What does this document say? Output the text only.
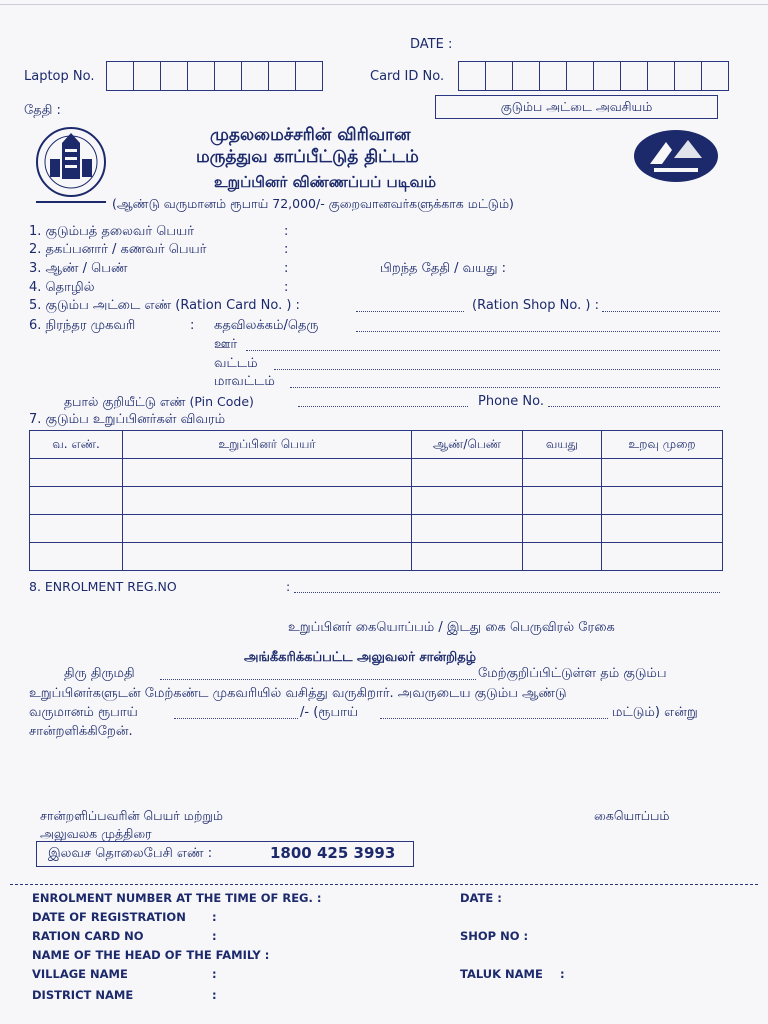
DATE :
Laptop No.	Card ID No.
தேதி :	குடும்ப அட்டை அவசியம்
முதலமைச்சரின் விரிவான
மருத்துவ காப்பீட்டுத் திட்டம்
உறுப்பினர் விண்ணப்பப் படிவம்
(ஆண்டு வருமானம் ரூபாய் 72,000/- குறைவானவர்களுக்காக மட்டும்)
1. குடும்பத் தலைவர் பெயர்	:
2. தகப்பனார் / கணவர் பெயர்	:
3. ஆண் / பெண்	:	பிறந்த தேதி / வயது :
4. தொழில்	:
5. குடும்ப அட்டை எண் (Ration Card No. ) :	(Ration Shop No. ) :
6. நிரந்தர முகவரி	: கதவிலக்கம்/தெரு
ஊர்
வட்டம்
மாவட்டம்
தபால் குறியீட்டு எண் (Pin Code)	Phone No.
7. குடும்ப உறுப்பினர்கள் விவரம்
வ. எண்.	உறுப்பினர் பெயர்	ஆண்/பெண்	வயது	உறவு முறை

8. ENROLMENT REG.NO	:
உறுப்பினர் கையொப்பம் / இடது கை பெருவிரல் ரேகை
அங்கீகரிக்கப்பட்ட அலுவலர் சான்றிதழ்
திரு திருமதி	மேற்குறிப்பிட்டுள்ள தம் குடும்ப
உறுப்பினர்களுடன் மேற்கண்ட முகவரியில் வசித்து வருகிறார். அவருடைய குடும்ப ஆண்டு
வருமானம் ரூபாய்	/- (ரூபாய்	மட்டும்) என்று
சான்றளிக்கிறேன்.
சான்றளிப்பவரின் பெயர் மற்றும்
அலுவலக முத்திரை
கையொப்பம்
இலவச தொலைபேசி எண் :	1800 425 3993
ENROLMENT NUMBER AT THE TIME OF REG. :	DATE :
DATE OF REGISTRATION :
RATION CARD NO	:	SHOP NO :
NAME OF THE HEAD OF THE FAMILY :
VILLAGE NAME	:	TALUK NAME :
DISTRICT NAME	:
